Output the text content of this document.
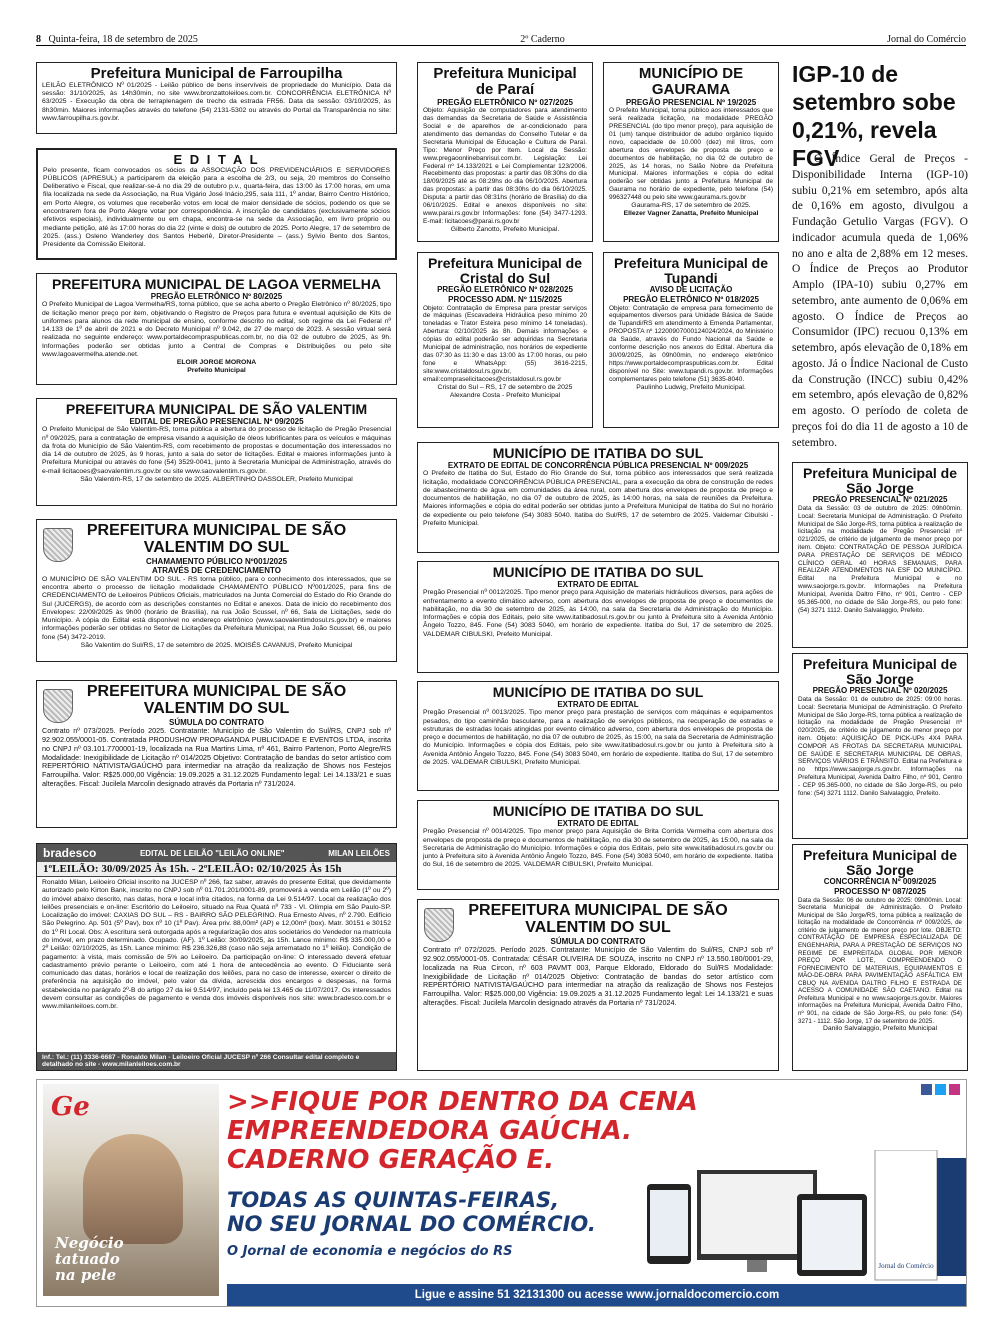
8 Quinta-feira, 18 de setembro de 2025	2º Caderno	Jornal do Comércio
Prefeitura Municipal de Farroupilha

LEILÃO ELETRÔNICO Nº 01/2025 - Leilão público de bens inservíveis de propriedade do Município. Data da sessão: 31/10/2025, às 14h30min, no site www.bronzattoleiloes.com.br. CONCORRÊNCIA ELETRÔNICA Nº 63/2025 - Execução da obra de terraplenagem de trecho da estrada FR56. Data da sessão: 03/10/2025, às 8h30min. Maiores informações através do telefone (54) 2131-5302 ou através do Portal da Transparência no site: www.farroupilha.rs.gov.br.

E D I T A L

Pelo presente, ficam convocados os sócios da ASSOCIAÇÃO DOS PREVIDENCIÁRIOS E SERVIDORES PÚBLICOS (APRESUL) a participarem da eleição para a escolha de 2/3, ou seja, 20 membros do Conselho Deliberativo e Fiscal, que realizar-se-á no dia 29 de outubro p.v., quarta-feira, das 13:00 às 17:00 horas, em uma fila localizada na sede da Associação, na Rua Vigário José Inácio,295, sala 111, 1º andar, Bairro Centro Histórico, em Porto Alegre, os volumes que receberão votos em local de maior densidade de sócios, podendo os que se encontrarem fora de Porto Alegre votar por correspondência. A inscrição de candidatos (exclusivamente sócios efetivos especiais), individualmente ou em chapa, encontra-se na sede da Associação, em livro próprio ou mediante petição, até às 17:00 horas do dia 22 (vinte e dois) de outubro de 2025. Porto Alegre, 17 de setembro de 2025. (ass.) Osleno Wanderley dos Santos Heberlê, Diretor-Presidente – (ass.) Sylvio Bento dos Santos, Presidente da Comissão Eleitoral.

PREFEITURA MUNICIPAL DE LAGOA VERMELHA
PREGÃO ELETRÔNICO Nº 80/2025

O Prefeito Municipal de Lagoa Vermelha/RS, torna público, que se acha aberto o Pregão Eletrônico nº 80/2025, tipo de licitação menor preço por item, objetivando o Registro de Preços para futura e eventual aquisição de Kits de uniformes para alunos da rede municipal de ensino, conforme descrito no edital, sob regime da Lei Federal nº 14.133 de 1º de abril de 2021 e do Decreto Municipal nº 9.042, de 27 de março de 2023. A sessão virtual será realizada no seguinte endereço: www.portaldecompraspublicas.com.br, no dia 02 de outubro de 2025, às 9h. Informações poderão ser obtidas junto a Central de Compras e Distribuições ou pelo site www.lagoavermelha.atende.net.

ELOIR JORGE MORONA
Prefeito Municipal
PREFEITURA MUNICIPAL DE SÃO VALENTIM
EDITAL DE PREGÃO PRESENCIAL Nº 09/2025

O Prefeito Municipal de São Valentim-RS, torna pública a abertura do processo de licitação de Pregão Presencial nº 09/2025, para a contratação de empresa visando a aquisição de óleos lubrificantes para os veículos e máquinas da frota do Município de São Valentim-RS, com recebimento de propostas e documentação dos interessados no dia 14 de outubro de 2025, às 9 horas, junto a sala do setor de licitações. Edital e maiores informações junto à Prefeitura Municipal ou através do fone (54) 3529-0041, junto à Secretaria Municipal de Administração, através do e-mail licitacoes@saovalentim.rs.gov.br ou site www.saovalentim.rs.gov.br.

São Valentim-RS, 17 de setembro de 2025. ALBERTINHO DASSOLER, Prefeito Municipal
PREFEITURA MUNICIPAL DE SÃO VALENTIM DO SUL
CHAMAMENTO PÚBLICO Nº001/2025
ATRAVÉS DE CREDENCIAMENTO

O MUNICÍPIO DE SÃO VALENTIM DO SUL - RS torna público, para o conhecimento dos interessados, que se encontra aberto o processo de licitação modalidade CHAMAMENTO PÚBLICO Nº001/2025, para fins de CREDENCIAMENTO de Leiloeiros Públicos Oficiais, matriculados na Junta Comercial do Estado do Rio Grande do Sul (JUCERGS), de acordo com as descrições constantes no Edital e anexos. Data de inicio do recebimento dos Envelopes: 22/09/2025 às 9h00 (horário de Brasília), na rua João Scussel, nº 66, Sala de Licitações, sede do Município. A cópia do Edital está disponível no endereço eletrônico (www.saovalentimdosul.rs.gov.br) e maiores informações poderão ser obtidas no Setor de Licitações da Prefeitura Municipal, na Rua João Scussel, 66, ou pelo fone (54) 3472-2019.

São Valentim do Sul/RS, 17 de setembro de 2025. MOISÉS CAVANUS, Prefeito Municipal
PREFEITURA MUNICIPAL DE SÃO VALENTIM DO SUL
SÚMULA DO CONTRATO

Contrato nº 073/2025. Período 2025. Contratante: Município de São Valentim do Sul/RS, CNPJ sob nº 92.902.055/0001-05. Contratada PRODUSHOW PROPAGANDA PUBLICIDADE E EVENTOS LTDA, inscrita no CNPJ nº 03.101.7700001-19, localizada na Rua Martins Lima, nº 461, Bairro Partenon, Porto Alegre/RS Modalidade: Inexigibilidade de Licitação nº 014/2025 Objetivo: Contratação de bandas do setor artístico com REPERTÓRIO NATIVISTA/GAÚCHO para intermediar na atração da realização de Shows nos Festejos Farroupilha. Valor: R$25.000,00 Vigência: 19.09.2025 a 31.12.2025 Fundamento legal: Lei 14.133/21 e suas alterações. Fiscal: Jucilela Marcolin designado através da Portaria nº 731/2024.

bradesco	EDITAL DE LEILÃO "LEILÃO ONLINE"	MILAN LEILÕES
1ºLEILÃO: 30/09/2025 Às 15h. - 2ºLEILÃO: 02/10/2025 Às 15h

Ronaldo Milan, Leiloeiro Oficial inscrito na JUCESP nº 266, faz saber, através do presente Edital, que devidamente autorizado pelo Kirton Bank, inscrito no CNPJ sob nº 01.701.201/0001-89, promoverá a venda em Leilão (1º ou 2º) do imóvel abaixo descrito, nas datas, hora e local infra citados, na forma da Lei 9.514/97. Local da realização dos leilões presenciais e on-line: Escritório do Leiloeiro, situado na Rua Quatá nº 733 - Vl. Olímpia em São Paulo-SP. Localização do imóvel: CAXIAS DO SUL – RS - BAIRRO SÃO PELEGRINO. Rua Ernesto Alves, nº 2.790. Edifício São Pelegrino. Ap. 501 (5º Pav), box nº 10 (1º Pav). Área priv. 88,00m² (AP) e 12,00m² (box). Matr. 30151 e 30152 do 1º RI Local. Obs: A escritura será outorgada após a regularização dos atos societários do Vendedor na matrícula do imóvel, em prazo determinado. Ocupado. (AF). 1º Leilão: 30/09/2025, às 15h. Lance mínimo: R$ 335.000,00 e 2º Leilão: 02/10/2025, às 15h. Lance mínimo: R$ 236.326,88 (caso não seja arrematado no 1º leilão). Condição de pagamento: à vista, mais comissão de 5% ao Leiloeiro. Da participação on-line: O interessado deverá efetuar cadastramento prévio perante o Leiloeiro, com até 1 hora de antecedência ao evento. O Fiduciante será comunicado das datas, horários e local de realização dos leilões, para no caso de interesse, exercer o direito de preferência na aquisição do imóvel, pelo valor da dívida, acrescida dos encargos e despesas, na forma estabelecida no parágrafo 2º-B do artigo 27 da lei 9.514/97, incluído pela lei 13.465 de 11/07/2017. Os interessados devem consultar as condições de pagamento e venda dos imóveis disponíveis nos site: www.bradesco.com.br e www.milanleiloes.com.br.

Inf.: Tel.: (11) 3336-6687 - Ronaldo Milan - Leiloeiro Oficial JUCESP nº 266 Consultar edital completo e detalhado no site - www.milanleiloes.com.br
Prefeitura Municipal de Paraí
PREGÃO ELETRÔNICO Nº 027/2025

Objeto: Aquisição de computadores para atendimento das demandas da Secretaria de Saúde e Assistência Social e de aparelhos de ar-condicionado para atendimento das demandas do Conselho Tutelar e da Secretaria Municipal de Educação e Cultura de Paraí. Tipo: Menor Preço por Item. Local da Sessão: www.pregaoonlinebanrisul.com.br. Legislação: Lei Federal nº 14.133/2021 e Lei Complementar 123/2006. Recebimento das propostas: a partir das 08:30hs do dia 18/09/2025 até as 08:29hs do dia 06/10/2025. Abertura das propostas: a partir das 08:30hs do dia 06/10/2025. Disputa: a partir das 08:31hs (horário de Brasília) do dia 06/10/2025. Edital e anexos disponíveis no site: www.parai.rs.gov.br Informações: fone (54) 3477-1293. E-mail: licitacoes@parai.rs.gov.br

Gilberto Zanotto, Prefeito Municipal.
MUNICÍPIO DE GAURAMA
PREGÃO PRESENCIAL Nº 19/2025

O Prefeito Municipal, torna público aos interessados que será realizada licitação, na modalidade PREGÃO PRESENCIAL (do tipo menor preço), para aquisição de 01 (um) tanque distribuidor de adubo orgânico líquido novo, capacidade de 10.000 (dez) mil litros, com abertura dos envelopes de proposta de preço e documentos de habilitação, no dia 02 de outubro de 2025, às 14 horas, no Salão Nobre da Prefeitura Municipal. Maiores informações e cópia do edital poderão ser obtidas junto a Prefeitura Municipal de Gaurama no horário de expediente, pelo telefone (54) 996327448 ou pelo site www.gaurama.rs.gov.br

Gaurama-RS, 17 de setembro de 2025.
Ellezer Vagner Zanatta, Prefeito Municipal
Prefeitura Municipal de Cristal do Sul
PREGÃO ELETRÔNICO Nº 028/2025
PROCESSO ADM. Nº 115/2025

Objeto: Contratação de Empresa para prestar serviços de máquinas (Escavadeira Hidráulica peso mínimo 20 toneladas e Trator Esteira peso mínimo 14 toneladas). Abertura: 02/10/2025 às 8h. Demais informações e cópias do edital poderão ser adquiridas na Secretaria Municipal de administração, nos horários de expediente das 07:30 às 11:30 e das 13:00 às 17:00 horas, ou pelo fone e WhatsApp: (55) 3616-2215, site:www.cristaldosul.rs.gov.br, email:compraselicitacoes@cristaldosul.rs.gov.br

Cristal do Sul – RS, 17 de setembro de 2025
Alexandre Costa - Prefeito Municipal
Prefeitura Municipal de Tupandi
AVISO DE LICITAÇÃO
PREGÃO ELETRÔNICO Nº 018/2025

Objeto: Contratação de empresa para fornecimento de equipamentos diversos para Unidade Básica de Saúde de Tupandi/RS em atendimento à Emenda Parlamentar, PROPOSTA nº 12200907000124024/2024, do Ministério da Saúde, através do Fundo Nacional da Saúde e conforme descrição nos anexos do Edital. Abertura dia 30/09/2025, às 09h00min, no endereço eletrônico https://www.portaldecompraspublicas.com.br. Edital disponível no Site: www.tupandi.rs.gov.br. Informações complementares pelo telefone (51) 3635-8040.

Paulinho Ludwig, Prefeito Municipal.
MUNICÍPIO DE ITATIBA DO SUL
EXTRATO DE EDITAL DE CONCORRÊNCIA PÚBLICA PRESENCIAL Nº 009/2025

O Prefeito de Itatiba do Sul, Estado do Rio Grande do Sul, torna público aos interessados que será realizada licitação, modalidade CONCORRÊNCIA PÚBLICA PRESENCIAL, para a execução da obra de construção de redes de abastecimento de água em comunidades da área rural, com abertura dos envelopes de proposta de preço e documentos de habilitação, no dia 07 de outubro de 2025, às 14:00 horas, na sala de reuniões da Prefeitura. Maiores informações e cópia do edital poderão ser obtidas junto a Prefeitura Municipal de Itatiba do Sul no horário de expediente ou pelo telefone (54) 3083 5040. Itatiba do Sul/RS, 17 de setembro de 2025. Valdemar Cibulski - Prefeito Municipal.

MUNICÍPIO DE ITATIBA DO SUL
EXTRATO DE EDITAL

Pregão Presencial nº 0012/2025. Tipo menor preço para Aquisição de materiais hidráulicos diversos, para ações de enfrentamento a evento climático adverso, com abertura dos envelopes de proposta de preço e documentos de habilitação, no dia 30 de setembro de 2025, às 14:00, na sala da Secretaria de Administração do Município. Informações e cópia dos Editais, pelo site www.itatibadosul.rs.gov.br ou junto à Prefeitura sito à Avenida Antônio Ângelo Tozzo, 845. Fone (54) 3083 5040, em horário de expediente. Itatiba do Sul, 17 de setembro de 2025. VALDEMAR CIBULSKI, Prefeito Municipal.

MUNICÍPIO DE ITATIBA DO SUL
EXTRATO DE EDITAL

Pregão Presencial nº 0013/2025. Tipo menor preço para prestação de serviços com máquinas e equipamentos pesados, do tipo caminhão basculante, para a realização de serviços públicos, na recuperação de estradas e estruturas de estradas locais atingidas por evento climático adverso, com abertura dos envelopes de proposta de preço e documentos de habilitação, no dia 07 de outubro de 2025, às 15:00, na sala da Secretaria de Administração do Município. Informações e cópia dos Editais, pelo site www.itatibadosul.rs.gov.br ou junto à Prefeitura sito à Avenida Antônio Ângelo Tozzo, 845. Fone (54) 3083 5040, em horário de expediente. Itatiba do Sul, 17 de setembro de 2025. VALDEMAR CIBULSKI, Prefeito Municipal.

MUNICÍPIO DE ITATIBA DO SUL
EXTRATO DE EDITAL

Pregão Presencial nº 0014/2025. Tipo menor preço para Aquisição de Brita Corrida Vermelha com abertura dos envelopes de proposta de preço e documentos de habilitação, no dia 30 de setembro de 2025, às 15:00, na sala da Secretaria de Administração do Município. Informações e cópia dos Editais, pelo site www.itatibadosul.rs.gov.br ou junto à Prefeitura sito à Avenida Antônio Ângelo Tozzo, 845. Fone (54) 3083 5040, em horário de expediente. Itatiba do Sul, 16 de setembro de 2025. VALDEMAR CIBULSKI, Prefeito Municipal.

PREFEITURA MUNICIPAL DE SÃO VALENTIM DO SUL
SÚMULA DO CONTRATO

Contrato nº 072/2025. Período 2025. Contratante: Município de São Valentim do Sul/RS, CNPJ sob nº 92.902.055/0001-05. Contratada: CÉSAR OLIVEIRA DE SOUZA, inscrito no CNPJ nº 13.550.180/0001-29, localizada na Rua Circon, nº 603 PAVMT 003, Parque Eldorado, Eldorado do Sul/RS Modalidade: Inexigibilidade de Licitação nº 014/2025 Objetivo: Contratação de bandas do setor artístico com REPERTÓRIO NATIVISTA/GAÚCHO para intermediar na atração da realização de Shows nos Festejos Farroupilha. Valor: R$25.000,00 Vigência: 19.09.2025 a 31.12.2025 Fundamento legal: Lei 14.133/21 e suas alterações. Fiscal: Jucilela Marcolin designado através da Portaria nº 731/2024.

IGP-10 de setembro sobe 0,21%, revela FGV
O Índice Geral de Preços - Disponibilidade Interna (IGP-10) subiu 0,21% em setembro, após alta de 0,16% em agosto, divulgou a Fundação Getulio Vargas (FGV). O indicador acumula queda de 1,06% no ano e alta de 2,88% em 12 meses. O Índice de Preços ao Produtor Amplo (IPA-10) subiu 0,27% em setembro, ante aumento de 0,06% em agosto. O Índice de Preços ao Consumidor (IPC) recuou 0,13% em setembro, após elevação de 0,18% em agosto. Já o Índice Nacional de Custo da Construção (INCC) subiu 0,42% em setembro, após elevação de 0,82% em agosto. O período de coleta de preços foi do dia 11 de agosto a 10 de setembro.
Prefeitura Municipal de São Jorge
PREGÃO PRESENCIAL Nº 021/2025

Data da Sessão: 03 de outubro de 2025: 09h00min. Local: Secretaria Municipal de Administração. O Prefeito Municipal de São Jorge-RS, torna pública a realização de licitação na modalidade de Pregão Presencial nº 021/2025, de critério de julgamento de menor preço por item. Objeto: CONTRATAÇÃO DE PESSOA JURÍDICA PARA PRESTAÇÃO DE SERVIÇOS DE MÉDICO CLÍNICO GERAL 40 HORAS SEMANAIS, PARA REALIZAR ATENDIMENTOS NA ESF DO MUNICÍPIO. Edital na Prefeitura Municipal e no www.saojorge.rs.gov.br. Informações na Prefeitura Municipal, Avenida Daltro Filho, nº 901, Centro - CEP 95.365-000, no cidade de São Jorge-RS, ou pelo fone: (54) 3271 1112. Danilo Salvalaggio, Prefeito.

Prefeitura Municipal de São Jorge
PREGÃO PRESENCIAL Nº 020/2025

Data da Sessão: 01 de outubro de 2025: 09:00 horas. Local: Secretaria Municipal de Administração. O Prefeito Municipal de São Jorge-RS, torna pública a realização de licitação na modalidade de Pregão Presencial nº 020/2025, de critério de julgamento de menor preço por item. Objeto: AQUISIÇÃO DE PICK-UPs 4X4 PARA COMPOR AS FROTAS DA SECRETARIA MUNICIPAL DE SAÚDE E SECRETARIA MUNICIPAL DE OBRAS, SERVIÇOS VIÁRIOS E TRÂNSITO. Edital na Prefeitura e no https://www.saojorge.rs.gov.br. Informações na Prefeitura Municipal, Avenida Daltro Filho, nº 901, Centro - CEP 95.365-000, no cidade de São Jorge-RS, ou pelo fone: (54) 3271 1112. Danilo Salvalaggio, Prefeito.

Prefeitura Municipal de São Jorge
CONCORRÊNCIA Nº 009/2025
PROCESSO Nº 087/2025

Data da Sessão: 06 de outubro de 2025: 09h00min. Local: Secretaria Municipal de Administração. O Prefeito Municipal de São Jorge/RS, torna pública a realização de licitação na modalidade de Concorrência nº 009/2025, de critério de julgamento de menor preço por lote. OBJETO: CONTRATAÇÃO DE EMPRESA ESPECIALIZADA DE ENGENHARIA, PARA A PRESTAÇÃO DE SERVIÇOS NO REGIME DE EMPREITADA GLOBAL POR MENOR PREÇO POR LOTE, COMPREENDENDO O FORNECIMENTO DE MATERIAIS, EQUIPAMENTOS E MÃO-DE-OBRA PARA PAVIMENTAÇÃO ASFÁLTICA EM CBUQ NA AVENIDA DALTRO FILHO E ESTRADA DE ACESSO A COMUNIDADE SÃO CAETANO. Edital na Prefeitura Municipal e no www.saojorge.rs.gov.br. Maiores informações na Prefeitura Municipal, Avenida Daltro Filho, nº 901, na cidade de São Jorge-RS, ou pelo fone: (54) 3271 - 1112. São Jorge, 17 de setembro de 2025.

Danilo Salvalaggio, Prefeito Municipal
Ge
Negócio tatuado na pele
>>FIQUE POR DENTRO DA CENA
EMPREENDEDORA GAÚCHA.
CADERNO GERAÇÃO E.
TODAS AS QUINTAS-FEIRAS,
NO SEU JORNAL DO COMÉRCIO.
O Jornal de economia e negócios do RS
Jornal do Comércio
Ligue e assine 51 32131300 ou acesse www.jornaldocomercio.com
